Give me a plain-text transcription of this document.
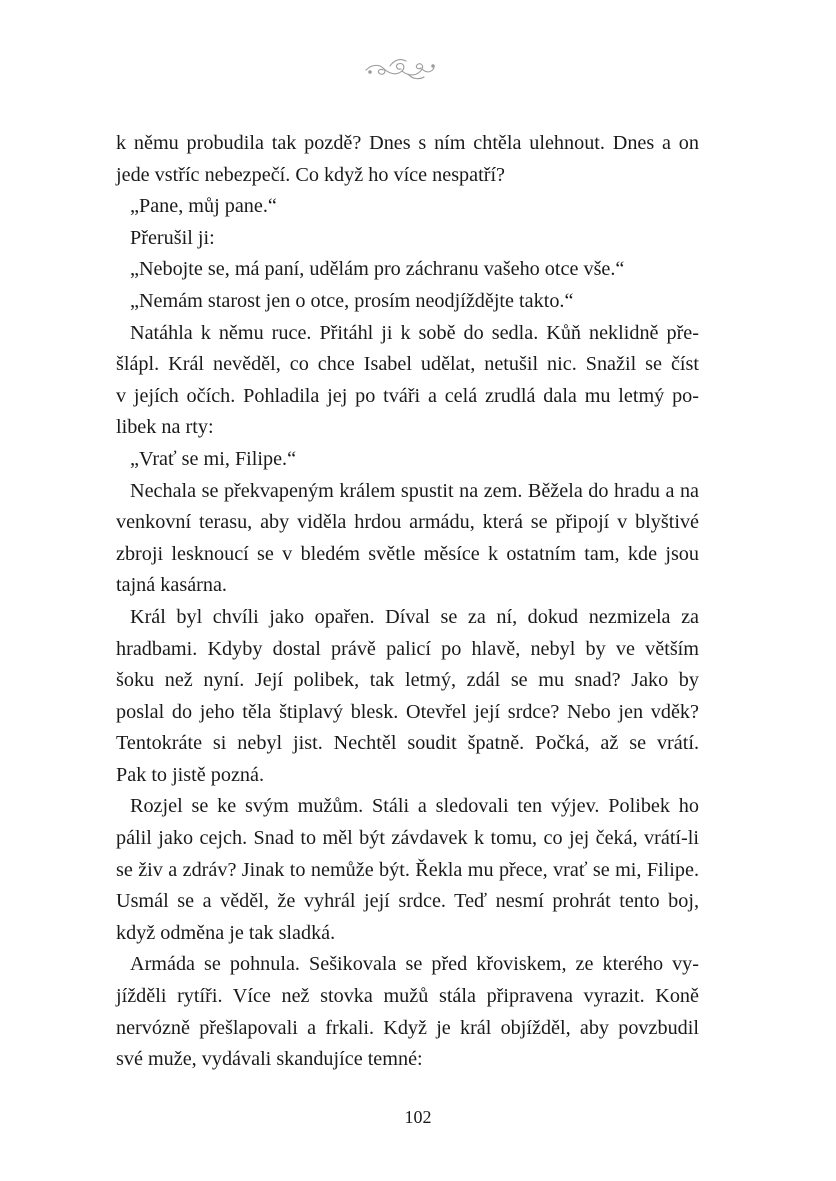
k němu probudila tak pozdě? Dnes s ním chtěla ulehnout. Dnes a on

jede vstříc nebezpečí. Co když ho více nespatří?

„Pane, můj pane.“

Přerušil ji:

„Nebojte se, má paní, udělám pro záchranu vašeho otce vše.“

„Nemám starost jen o otce, prosím neodjíždějte takto.“

Natáhla k němu ruce. Přitáhl ji k sobě do sedla. Kůň neklidně pře-

šlápl. Král nevěděl, co chce Isabel udělat, netušil nic. Snažil se číst

v jejích očích. Pohladila jej po tváři a celá zrudlá dala mu letmý po-

libek na rty:

„Vrať se mi, Filipe.“

Nechala se překvapeným králem spustit na zem. Běžela do hradu a na

venkovní terasu, aby viděla hrdou armádu, která se připojí v blyštivé

zbroji lesknoucí se v bledém světle měsíce k ostatním tam, kde jsou

tajná kasárna.

Král byl chvíli jako opařen. Díval se za ní, dokud nezmizela za

hradbami. Kdyby dostal právě palicí po hlavě, nebyl by ve větším

šoku než nyní. Její polibek, tak letmý, zdál se mu snad? Jako by

poslal do jeho těla štiplavý blesk. Otevřel její srdce? Nebo jen vděk?

Tentokráte si nebyl jist. Nechtěl soudit špatně. Počká, až se vrátí.

Pak to jistě pozná.

Rozjel se ke svým mužům. Stáli a sledovali ten výjev. Polibek ho

pálil jako cejch. Snad to měl být závdavek k tomu, co jej čeká, vrátí-li

se živ a zdráv? Jinak to nemůže být. Řekla mu přece, vrať se mi, Filipe.

Usmál se a věděl, že vyhrál její srdce. Teď nesmí prohrát tento boj,

když odměna je tak sladká.

Armáda se pohnula. Sešikovala se před křoviskem, ze kterého vy-

jížděli rytíři. Více než stovka mužů stála připravena vyrazit. Koně

nervózně přešlapovali a frkali. Když je král objížděl, aby povzbudil

své muže, vydávali skandujíce temné:

102
